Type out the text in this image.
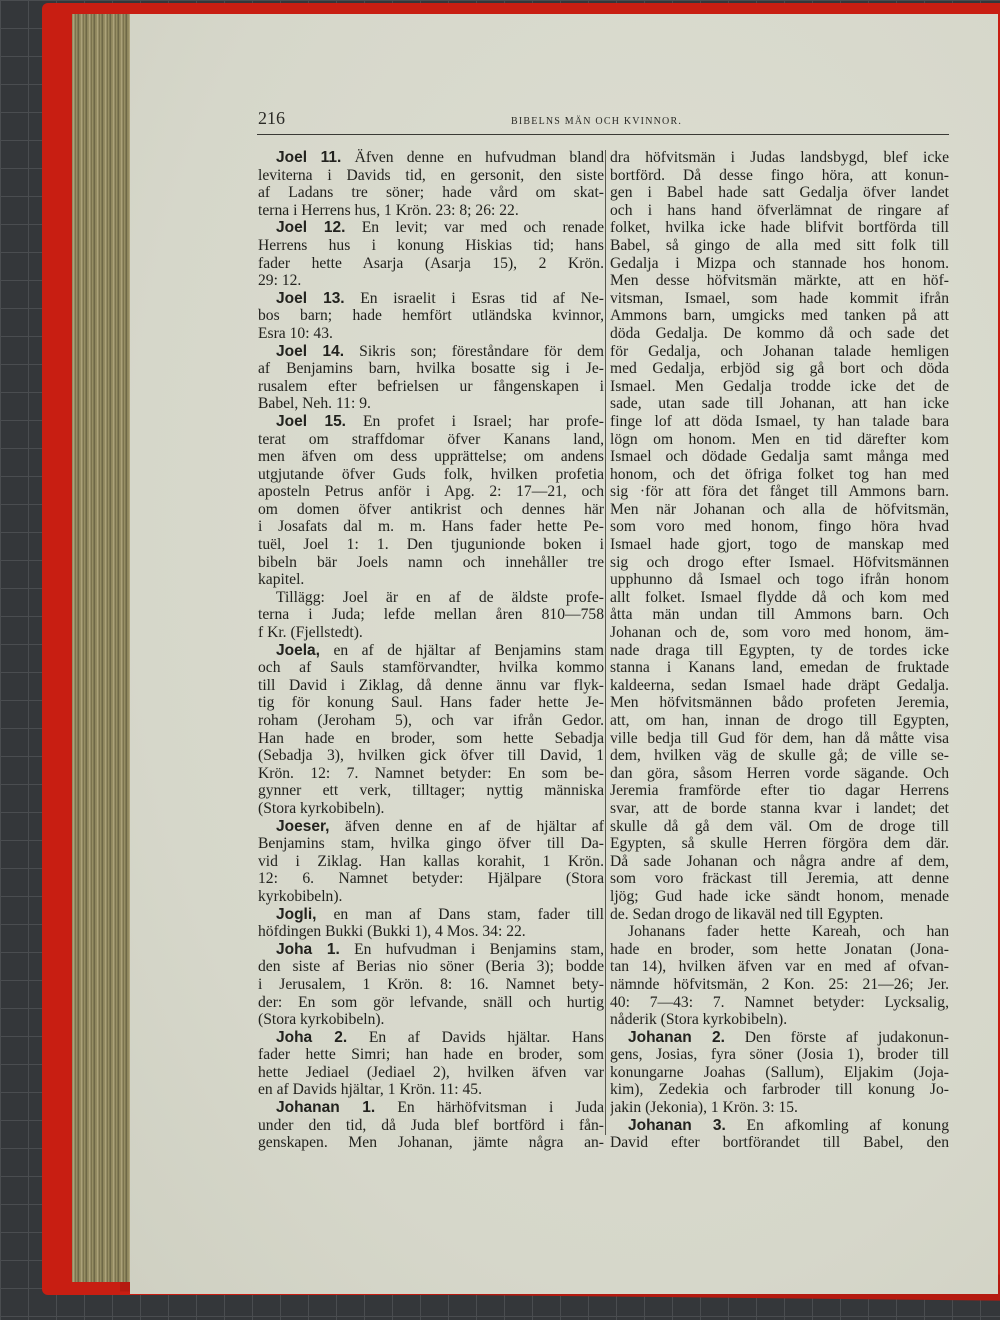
216	BIBELNS MÄN OCH KVINNOR.
Joel 11. Äfven denne en hufvudman bland
leviterna i Davids tid, en gersonit, den siste
af Ladans tre söner; hade vård om skat-
terna i Herrens hus, 1 Krön. 23: 8; 26: 22.
Joel 12. En levit; var med och renade
Herrens hus i konung Hiskias tid; hans
fader hette Asarja (Asarja 15), 2 Krön.
29: 12.
Joel 13. En israelit i Esras tid af Ne-
bos barn; hade hemfört utländska kvinnor,
Esra 10: 43.
Joel 14. Sikris son; föreståndare för dem
af Benjamins barn, hvilka bosatte sig i Je-
rusalem efter befrielsen ur fångenskapen i
Babel, Neh. 11: 9.
Joel 15. En profet i Israel; har profe-
terat om straffdomar öfver Kanans land,
men äfven om dess upprättelse; om andens
utgjutande öfver Guds folk, hvilken profetia
aposteln Petrus anför i Apg. 2: 17—21, och
om domen öfver antikrist och dennes här
i Josafats dal m. m. Hans fader hette Pe-
tuël, Joel 1: 1. Den tjugunionde boken i
bibeln bär Joels namn och innehåller tre
kapitel.
Tillägg: Joel är en af de äldste profe-
terna i Juda; lefde mellan åren 810—758
f Kr. (Fjellstedt).
Joela, en af de hjältar af Benjamins stam
och af Sauls stamförvandter, hvilka kommo
till David i Ziklag, då denne ännu var flyk-
tig för konung Saul. Hans fader hette Je-
roham (Jeroham 5), och var ifrån Gedor.
Han hade en broder, som hette Sebadja
(Sebadja 3), hvilken gick öfver till David, 1
Krön. 12: 7. Namnet betyder: En som be-
gynner ett verk, tilltager; nyttig människa
(Stora kyrkobibeln).
Joeser, äfven denne en af de hjältar af
Benjamins stam, hvilka gingo öfver till Da-
vid i Ziklag. Han kallas korahit, 1 Krön.
12: 6. Namnet betyder: Hjälpare (Stora
kyrkobibeln).
Jogli, en man af Dans stam, fader till
höfdingen Bukki (Bukki 1), 4 Mos. 34: 22.
Joha 1. En hufvudman i Benjamins stam,
den siste af Berias nio söner (Beria 3); bodde
i Jerusalem, 1 Krön. 8: 16. Namnet bety-
der: En som gör lefvande, snäll och hurtig
(Stora kyrkobibeln).
Joha 2. En af Davids hjältar. Hans
fader hette Simri; han hade en broder, som
hette Jediael (Jediael 2), hvilken äfven var
en af Davids hjältar, 1 Krön. 11: 45.
Johanan 1. En härhöfvitsman i Juda
under den tid, då Juda blef bortförd i fån-
genskapen. Men Johanan, jämte några an-
dra höfvitsmän i Judas landsbygd, blef icke
bortförd. Då desse fingo höra, att konun-
gen i Babel hade satt Gedalja öfver landet
och i hans hand öfverlämnat de ringare af
folket, hvilka icke hade blifvit bortförda till
Babel, så gingo de alla med sitt folk till
Gedalja i Mizpa och stannade hos honom.
Men desse höfvitsmän märkte, att en höf-
vitsman, Ismael, som hade kommit ifrån
Ammons barn, umgicks med tanken på att
döda Gedalja. De kommo då och sade det
för Gedalja, och Johanan talade hemligen
med Gedalja, erbjöd sig gå bort och döda
Ismael. Men Gedalja trodde icke det de
sade, utan sade till Johanan, att han icke
finge lof att döda Ismael, ty han talade bara
lögn om honom. Men en tid därefter kom
Ismael och dödade Gedalja samt många med
honom, och det öfriga folket tog han med
sig ·för att föra det fånget till Ammons barn.
Men när Johanan och alla de höfvitsmän,
som voro med honom, fingo höra hvad
Ismael hade gjort, togo de manskap med
sig och drogo efter Ismael. Höfvitsmännen
upphunno då Ismael och togo ifrån honom
allt folket. Ismael flydde då och kom med
åtta män undan till Ammons barn. Och
Johanan och de, som voro med honom, äm-
nade draga till Egypten, ty de tordes icke
stanna i Kanans land, emedan de fruktade
kaldeerna, sedan Ismael hade dräpt Gedalja.
Men höfvitsmännen bådo profeten Jeremia,
att, om han, innan de drogo till Egypten,
ville bedja till Gud för dem, han då måtte visa
dem, hvilken väg de skulle gå; de ville se-
dan göra, såsom Herren vorde sägande. Och
Jeremia framförde efter tio dagar Herrens
svar, att de borde stanna kvar i landet; det
skulle då gå dem väl. Om de droge till
Egypten, så skulle Herren förgöra dem där.
Då sade Johanan och några andre af dem,
som voro fräckast till Jeremia, att denne
ljög; Gud hade icke sändt honom, menade
de. Sedan drogo de likaväl ned till Egypten.
Johanans fader hette Kareah, och han
hade en broder, som hette Jonatan (Jona-
tan 14), hvilken äfven var en med af ofvan-
nämnde höfvitsmän, 2 Kon. 25: 21—26; Jer.
40: 7—43: 7. Namnet betyder: Lycksalig,
nåderik (Stora kyrkobibeln).
Johanan 2. Den förste af judakonun-
gens, Josias, fyra söner (Josia 1), broder till
konungarne Joahas (Sallum), Eljakim (Joja-
kim), Zedekia och farbroder till konung Jo-
jakin (Jekonia), 1 Krön. 3: 15.
Johanan 3. En afkomling af konung
David efter bortförandet till Babel, den
